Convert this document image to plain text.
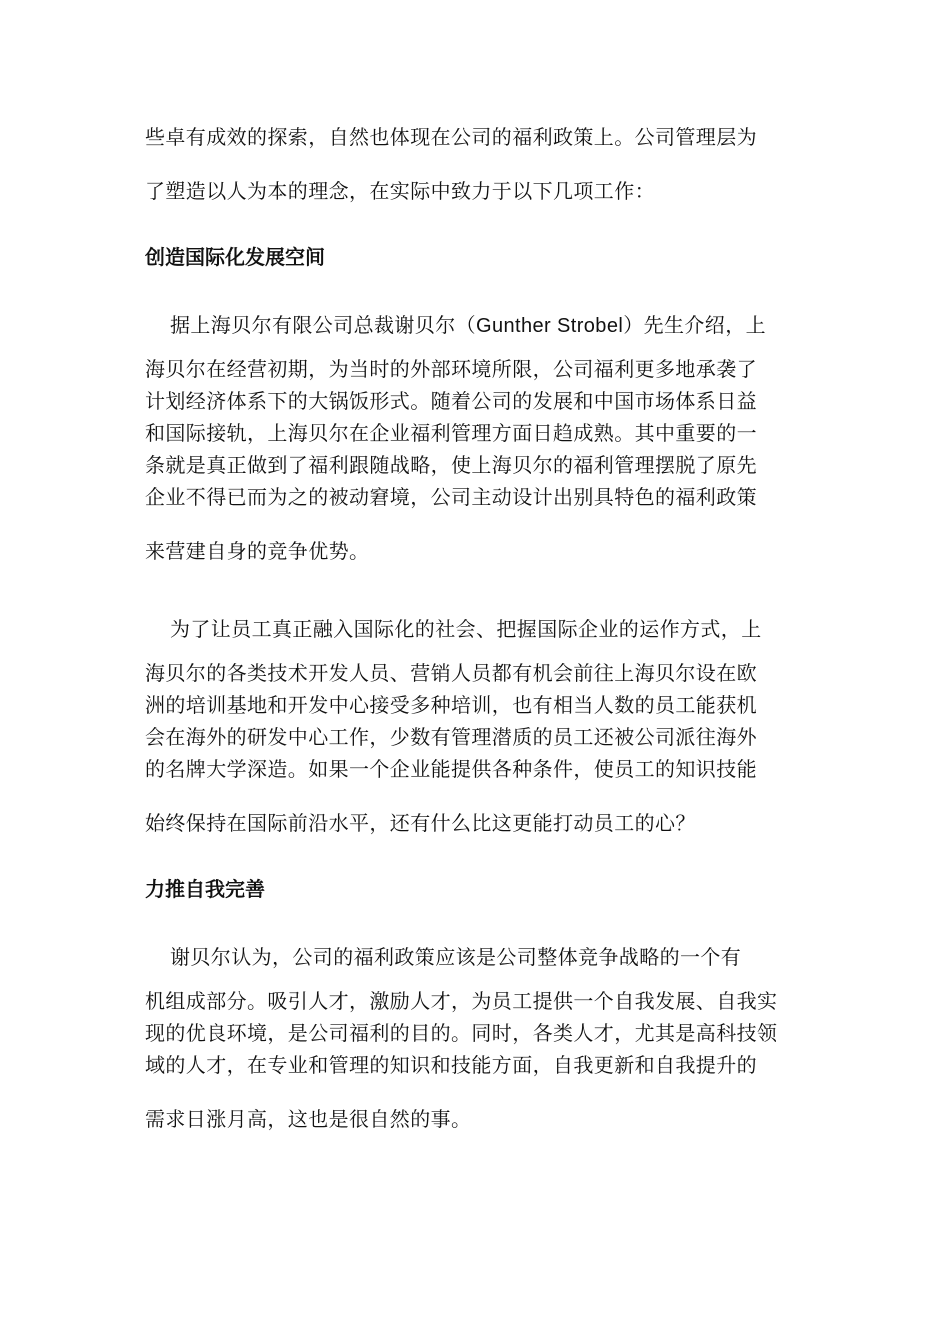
些卓有成效的探索，自然也体现在公司的福利政策上。公司管理层为
了塑造以人为本的理念，在实际中致力于以下几项工作：
创造国际化发展空间
据上海贝尔有限公司总裁谢贝尔（Gunther Strobel）先生介绍，上
海贝尔在经营初期，为当时的外部环境所限，公司福利更多地承袭了
计划经济体系下的大锅饭形式。随着公司的发展和中国市场体系日益
和国际接轨，上海贝尔在企业福利管理方面日趋成熟。其中重要的一
条就是真正做到了福利跟随战略，使上海贝尔的福利管理摆脱了原先
企业不得已而为之的被动窘境，公司主动设计出别具特色的福利政策
来营建自身的竞争优势。
为了让员工真正融入国际化的社会、把握国际企业的运作方式，上
海贝尔的各类技术开发人员、营销人员都有机会前往上海贝尔设在欧
洲的培训基地和开发中心接受多种培训，也有相当人数的员工能获机
会在海外的研发中心工作，少数有管理潜质的员工还被公司派往海外
的名牌大学深造。如果一个企业能提供各种条件，使员工的知识技能
始终保持在国际前沿水平，还有什么比这更能打动员工的心？
力推自我完善
谢贝尔认为，公司的福利政策应该是公司整体竞争战略的一个有
机组成部分。吸引人才，激励人才，为员工提供一个自我发展、自我实
现的优良环境，是公司福利的目的。同时，各类人才，尤其是高科技领
域的人才，在专业和管理的知识和技能方面，自我更新和自我提升的
需求日涨月高，这也是很自然的事。
